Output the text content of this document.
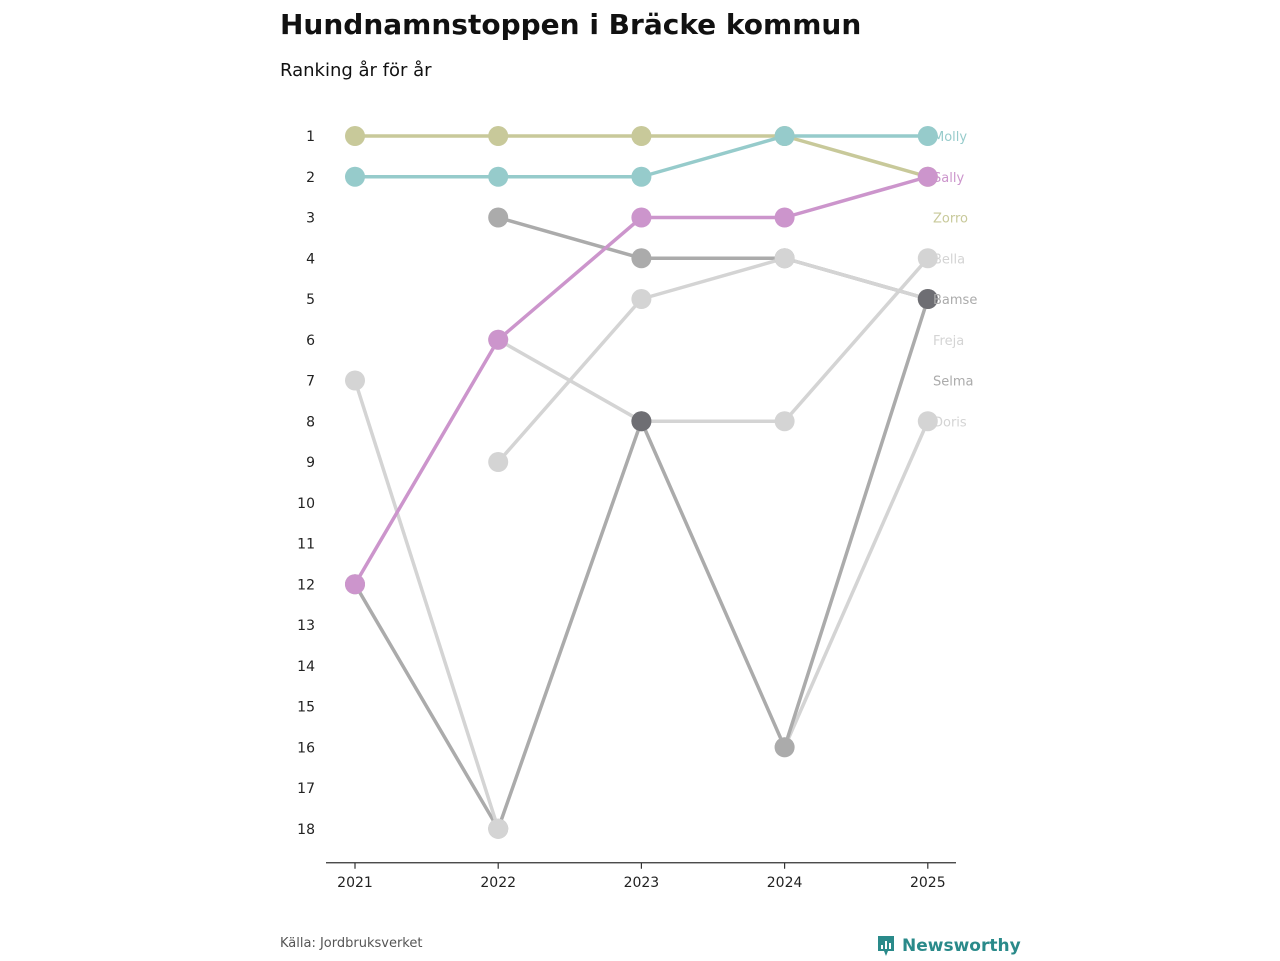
Hundnamnstoppen i Bräcke kommun

Ranking år för år

1
2
3
4
5
6
7
8
9
10
11
12
13
14
15
16
17
18
2021	2022	2023	2024	2025
Molly
Sally
Zorro
Bella
Bamse
Freja
Selma
Doris
Källa: Jordbruksverket	Newsworthy
